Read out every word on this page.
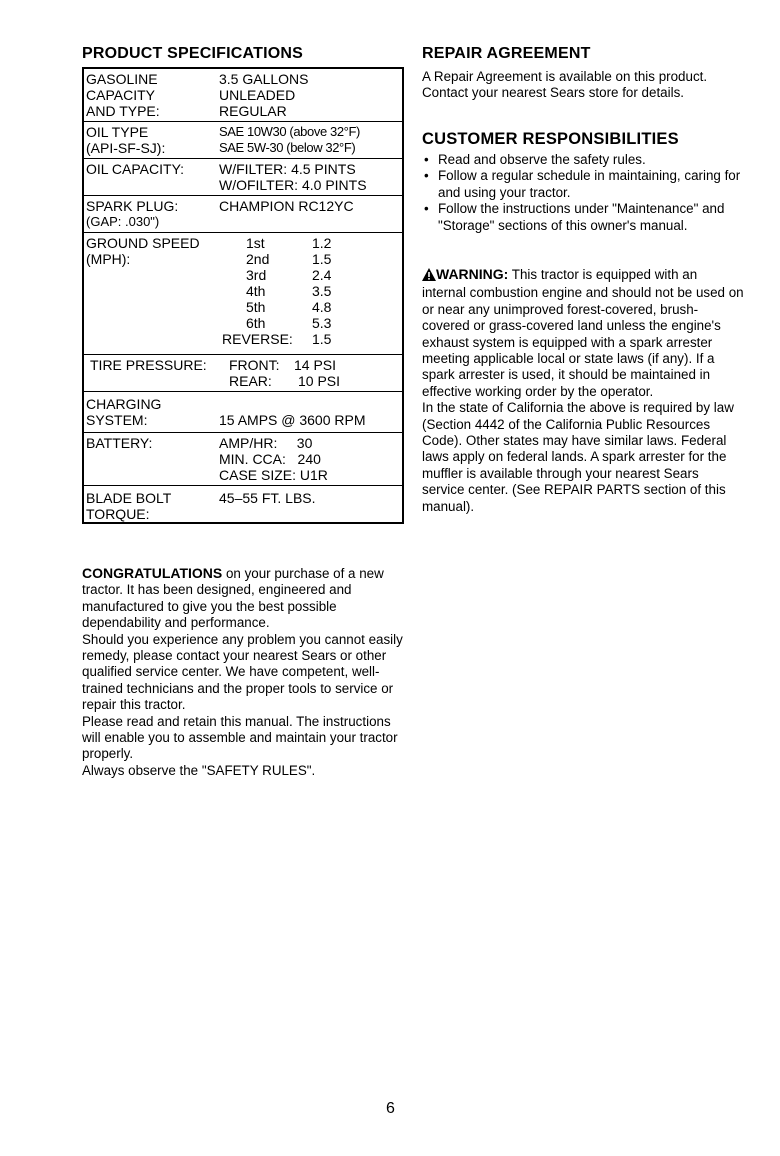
PRODUCT SPECIFICATIONS
GASOLINE	3.5 GALLONS
CAPACITY	UNLEADED
AND TYPE:	REGULAR
OIL TYPE	SAE 10W30 (above 32°F)
(API-SF-SJ):	SAE 5W-30 (below 32°F)
OIL CAPACITY: W/FILTER: 4.5 PINTS
W/OFILTER: 4.0 PINTS
SPARK PLUG:	CHAMPION RC12YC
(GAP: .030")
GROUND SPEED
(MPH):
1st	1.2
2nd	1.5
3rd	2.4
4th	3.5
5th	4.8
6th	5.3
REVERSE: 1.5
TIRE PRESSURE: FRONT: 14 PSI
REAR: 10 PSI
CHARGING
SYSTEM:	15 AMPS @ 3600 RPM
BATTERY:	AMP/HR:     30
MIN. CCA:   240
CASE SIZE: U1R
BLADE BOLT	45–55 FT. LBS.
TORQUE:

CONGRATULATIONS on your purchase of a new tractor. It has been designed, engineered and manufactured to give you the best possible dependability and performance.

Should you experience any problem you cannot easily remedy, please contact your nearest Sears or other qualified service center. We have competent, well-trained technicians and the proper tools to service or repair this tractor.

Please read and retain this manual. The instructions will enable you to assemble and maintain your tractor properly.

Always observe the "SAFETY RULES".

REPAIR AGREEMENT

A Repair Agreement is available on this product. Contact your nearest Sears store for details.

CUSTOMER RESPONSIBILITIES
• Read and observe the safety rules.
• Follow a regular schedule in maintaining, caring for and using your tractor.
• Follow the instructions under "Maintenance" and "Storage" sections of this owner's manual.

WARNING: This tractor is equipped with an internal combustion engine and should not be used on or near any unimproved forest-covered, brush-covered or grass-covered land unless the engine's exhaust system is equipped with a spark arrester meeting applicable local or state laws (if any). If a spark arrester is used, it should be maintained in effective working order by the operator.

In the state of California the above is required by law (Section 4442 of the California Public Resources Code). Other states may have similar laws. Federal laws apply on federal lands. A spark arrester for the muffler is available through your nearest Sears service center. (See REPAIR PARTS section of this manual).

6
